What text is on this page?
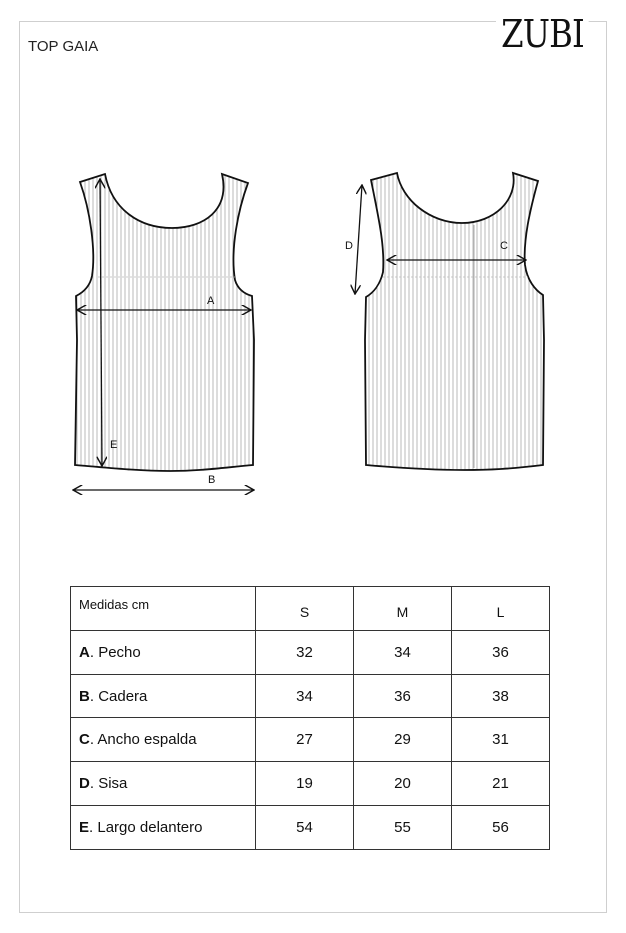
ZUBI
TOP GAIA
A
E
B
C
D
Medidas cm	S	M	L
A. Pecho	32	34	36
B. Cadera	34	36	38
C. Ancho espalda	27	29	31
D. Sisa	19	20	21
E. Largo delantero	54	55	56
